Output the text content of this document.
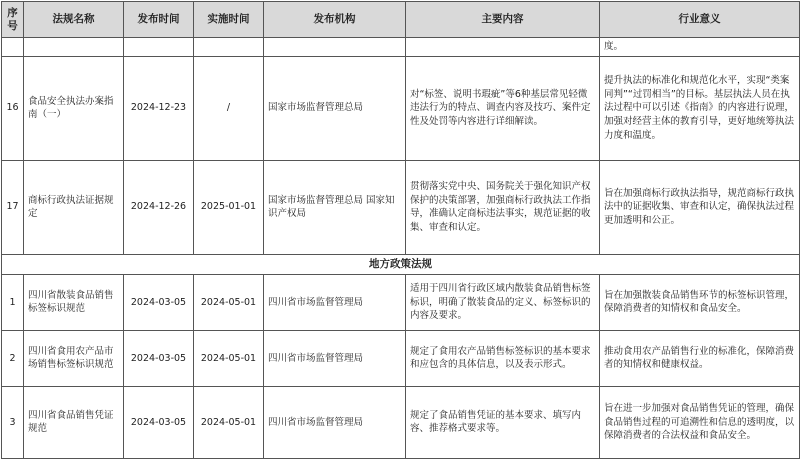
序号	法规名称	发布时间	实施时间	发布机构	主要内容	行业意义
						度。
16	食品安全执法办案指南（一）	2024-12-23	/	国家市场监督管理总局	对“标签、说明书瑕疵”等6种基层常见轻微违法行为的特点、调查内容及技巧、案件定性及处罚等内容进行详细解读。	提升执法的标准化和规范化水平，实现“类案同判”“过罚相当”的目标。基层执法人员在执法过程中可以引述《指南》的内容进行说理，加强对经营主体的教育引导，更好地统筹执法力度和温度。
17	商标行政执法证据规定	2024-12-26	2025-01-01	国家市场监督管理总局 国家知识产权局	贯彻落实党中央、国务院关于强化知识产权保护的决策部署，加强商标行政执法工作指导，准确认定商标违法事实，规范证据的收集、审查和认定。	旨在加强商标行政执法指导，规范商标行政执法中的证据收集、审查和认定，确保执法过程更加透明和公正。
地方政策法规						
1	四川省散装食品销售标签标识规范	2024-03-05	2024-05-01	四川省市场监督管理局	适用于四川省行政区域内散装食品销售标签标识，明确了散装食品的定义、标签标识的内容及要求。	旨在加强散装食品销售环节的标签标识管理，保障消费者的知情权和食品安全。
2	四川省食用农产品市场销售标签标识规范	2024-03-05	2024-05-01	四川省市场监督管理局	规定了食用农产品销售标签标识的基本要求和应包含的具体信息，以及表示形式。	推动食用农产品销售行业的标准化，保障消费者的知情权和健康权益。
3	四川省食品销售凭证规范	2024-03-05	2024-05-01	四川省市场监督管理局	规定了食品销售凭证的基本要求、填写内容、推荐格式要求等。	旨在进一步加强对食品销售凭证的管理，确保食品销售过程的可追溯性和信息的透明度，以保障消费者的合法权益和食品安全。
